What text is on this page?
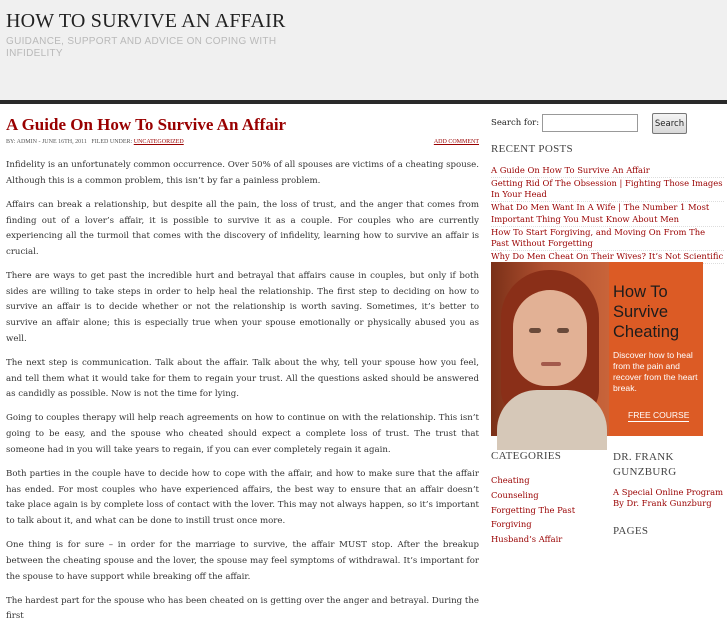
HOW TO SURVIVE AN AFFAIR
GUIDANCE, SUPPORT AND ADVICE ON COPING WITH INFIDELITY
A Guide On How To Survive An Affair
BY: ADMIN - JUNE 16TH, 2011   FILED UNDER: UNCATEGORIZED	ADD COMMENT

Infidelity is an unfortunately common occurrence. Over 50% of all spouses are victims of a cheating spouse. Although this is a common problem, this isn’t by far a painless problem.

Affairs can break a relationship, but despite all the pain, the loss of trust, and the anger that comes from finding out of a lover’s affair, it is possible to survive it as a couple. For couples who are currently experiencing all the turmoil that comes with the discovery of infidelity, learning how to survive an affair is crucial.

There are ways to get past the incredible hurt and betrayal that affairs cause in couples, but only if both sides are willing to take steps in order to help heal the relationship. The first step to deciding on how to survive an affair is to decide whether or not the relationship is worth saving. Sometimes, it’s better to survive an affair alone; this is especially true when your spouse emotionally or physically abused you as well.

The next step is communication. Talk about the affair. Talk about the why, tell your spouse how you feel, and tell them what it would take for them to regain your trust. All the questions asked should be answered as candidly as possible. Now is not the time for lying.

Going to couples therapy will help reach agreements on how to continue on with the relationship. This isn’t going to be easy, and the spouse who cheated should expect a complete loss of trust. The trust that someone had in you will take years to regain, if you can ever completely regain it again.

Both parties in the couple have to decide how to cope with the affair, and how to make sure that the affair has ended. For most couples who have experienced affairs, the best way to ensure that an affair doesn’t take place again is by complete loss of contact with the lover. This may not always happen, so it’s important to talk about it, and what can be done to instill trust once more.

One thing is for sure – in order for the marriage to survive, the affair MUST stop. After the breakup between the cheating spouse and the lover, the spouse may feel symptoms of withdrawal. It’s important for the spouse to have support while breaking off the affair.

The hardest part for the spouse who has been cheated on is getting over the anger and betrayal. During the first

Search for:	Search
RECENT POSTS
A Guide On How To Survive An Affair
Getting Rid Of The Obsession | Fighting Those Images In Your Head
What Do Men Want In A Wife | The Number 1 Most Important Thing You Must Know About Men
How To Start Forgiving, and Moving On From The Past Without Forgetting
Why Do Men Cheat On Their Wives? It’s Not Scientific
How To Survive Cheating
Discover how to heal from the pain and recover from the heart break.
FREE COURSE
CATEGORIES
Cheating
Counseling
Forgetting The Past
Forgiving
Husband’s Affair
DR. FRANK GUNZBURG
A Special Online Program By Dr. Frank Gunzburg
PAGES
